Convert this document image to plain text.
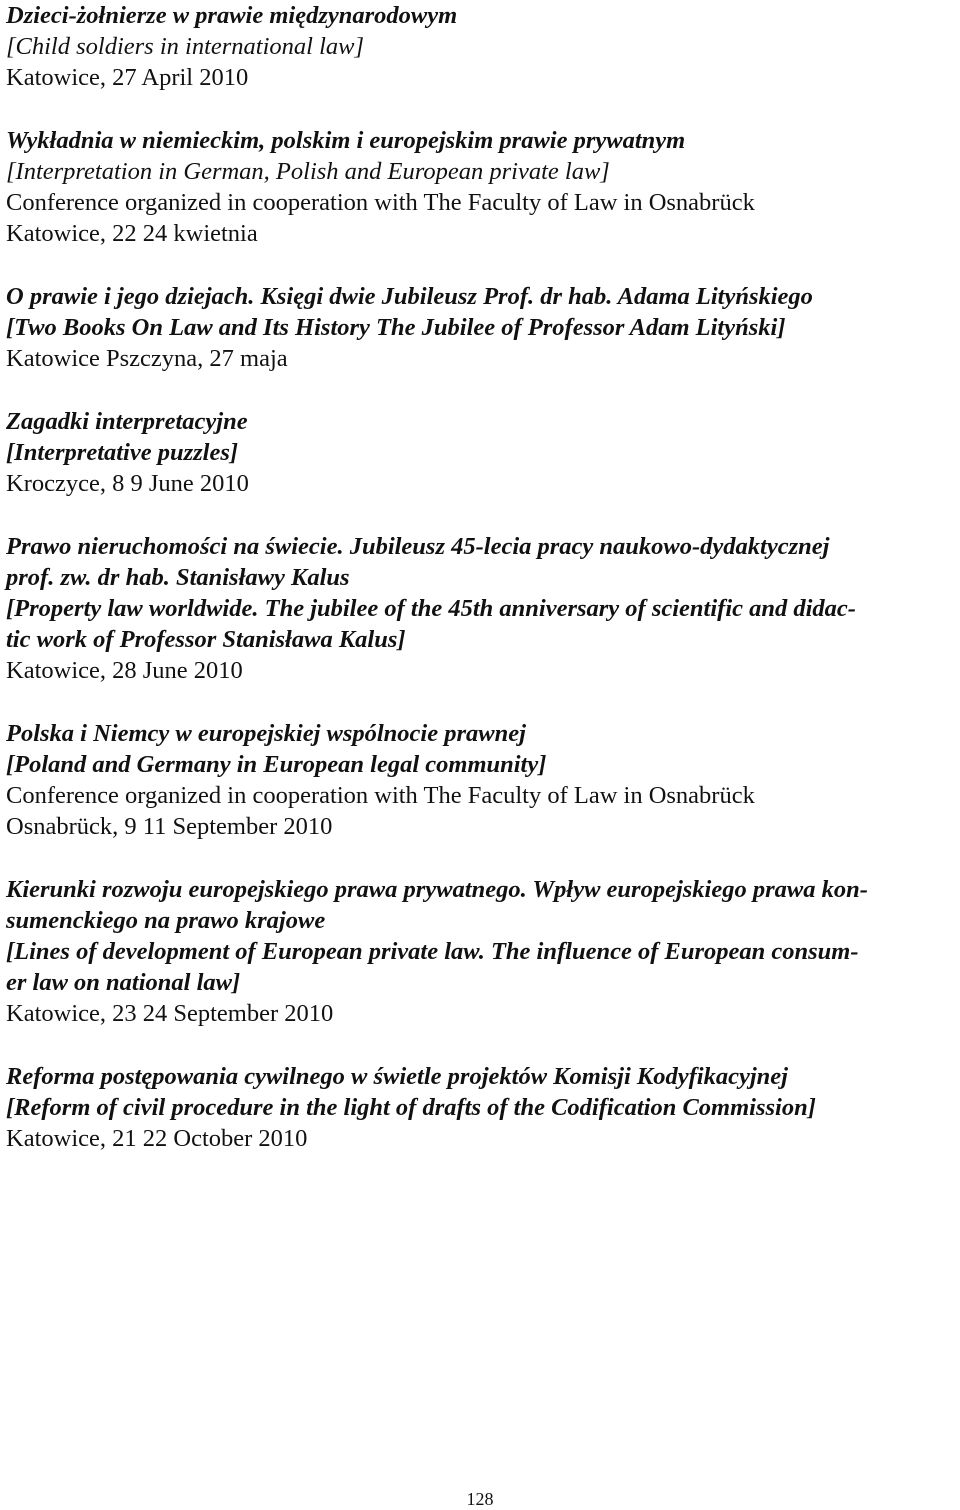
Dzieci-żołnierze w prawie międzynarodowym
[Child soldiers in international law]
Katowice, 27 April 2010
Wykładnia w niemieckim, polskim i europejskim prawie prywatnym
[Interpretation in German, Polish and European private law]
Conference organized in cooperation with The Faculty of Law in Osnabrück
Katowice, 22 24 kwietnia
O prawie i jego dziejach. Księgi dwie Jubileusz Prof. dr hab. Adama Lityńskiego
[Two Books On Law and Its History The Jubilee of Professor Adam Lityński]
Katowice Pszczyna, 27 maja
Zagadki interpretacyjne
[Interpretative puzzles]
Kroczyce, 8 9 June 2010
Prawo nieruchomości na świecie. Jubileusz 45-lecia pracy naukowo-dydaktycznej
prof. zw. dr hab. Stanisławy Kalus
[Property law worldwide. The jubilee of the 45th anniversary of scientific and didac-
tic work of Professor Stanisława Kalus]
Katowice, 28 June 2010
Polska i Niemcy w europejskiej wspólnocie prawnej
[Poland and Germany in European legal community]
Conference organized in cooperation with The Faculty of Law in Osnabrück
Osnabrück, 9 11 September 2010
Kierunki rozwoju europejskiego prawa prywatnego. Wpływ europejskiego prawa kon-
sumenckiego na prawo krajowe
[Lines of development of European private law. The influence of European consum-
er law on national law]
Katowice, 23 24 September 2010
Reforma postępowania cywilnego w świetle projektów Komisji Kodyfikacyjnej
[Reform of civil procedure in the light of drafts of the Codification Commission]
Katowice, 21 22 October 2010
128
